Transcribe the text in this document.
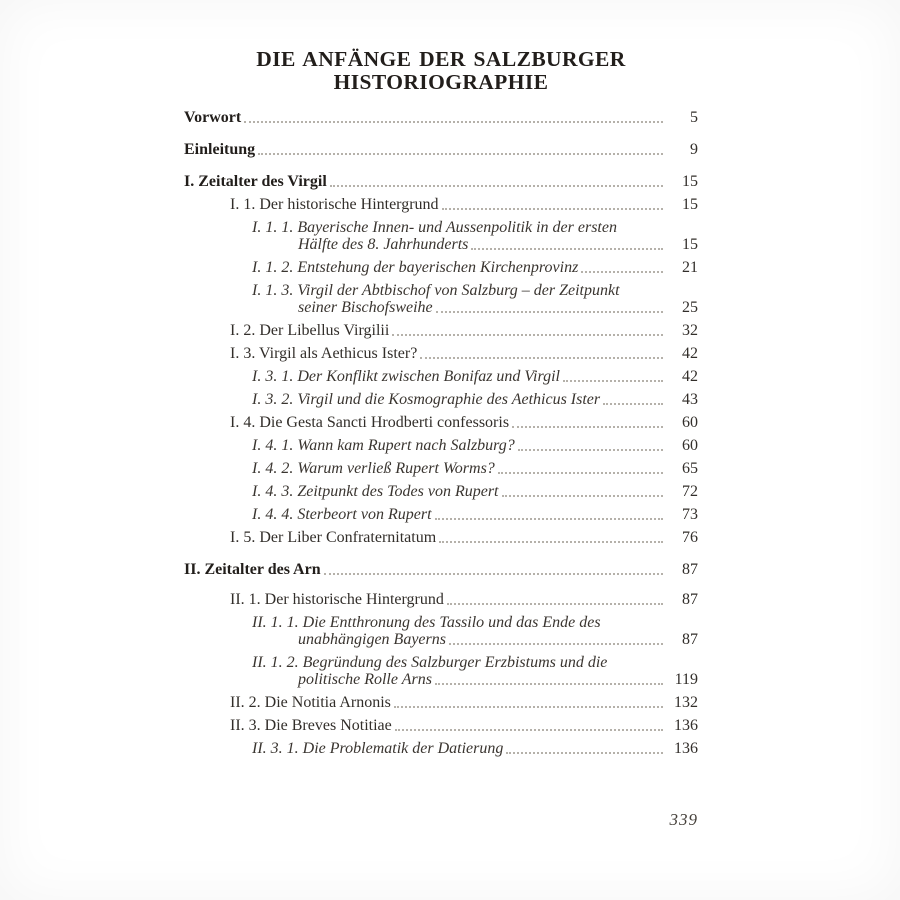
DIE ANFÄNGE DER SALZBURGER
HISTORIOGRAPHIE
Vorwort	5
Einleitung	9
I. Zeitalter des Virgil	15
I. 1. Der historische Hintergrund	15
I. 1. 1. Bayerische Innen- und Aussenpolitik in der ersten
Hälfte des 8. Jahrhunderts	15
I. 1. 2. Entstehung der bayerischen Kirchenprovinz	21
I. 1. 3. Virgil der Abtbischof von Salzburg – der Zeitpunkt
seiner Bischofsweihe	25
I. 2. Der Libellus Virgilii	32
I. 3. Virgil als Aethicus Ister?	42
I. 3. 1. Der Konflikt zwischen Bonifaz und Virgil	42
I. 3. 2. Virgil und die Kosmographie des Aethicus Ister	43
I. 4. Die Gesta Sancti Hrodberti confessoris	60
I. 4. 1. Wann kam Rupert nach Salzburg?	60
I. 4. 2. Warum verließ Rupert Worms?	65
I. 4. 3. Zeitpunkt des Todes von Rupert	72
I. 4. 4. Sterbeort von Rupert	73
I. 5. Der Liber Confraternitatum	76
II. Zeitalter des Arn	87
II. 1. Der historische Hintergrund	87
II. 1. 1. Die Entthronung des Tassilo und das Ende des
unabhängigen Bayerns	87
II. 1. 2. Begründung des Salzburger Erzbistums und die
politische Rolle Arns	119
II. 2. Die Notitia Arnonis	132
II. 3. Die Breves Notitiae	136
II. 3. 1. Die Problematik der Datierung	136
339
